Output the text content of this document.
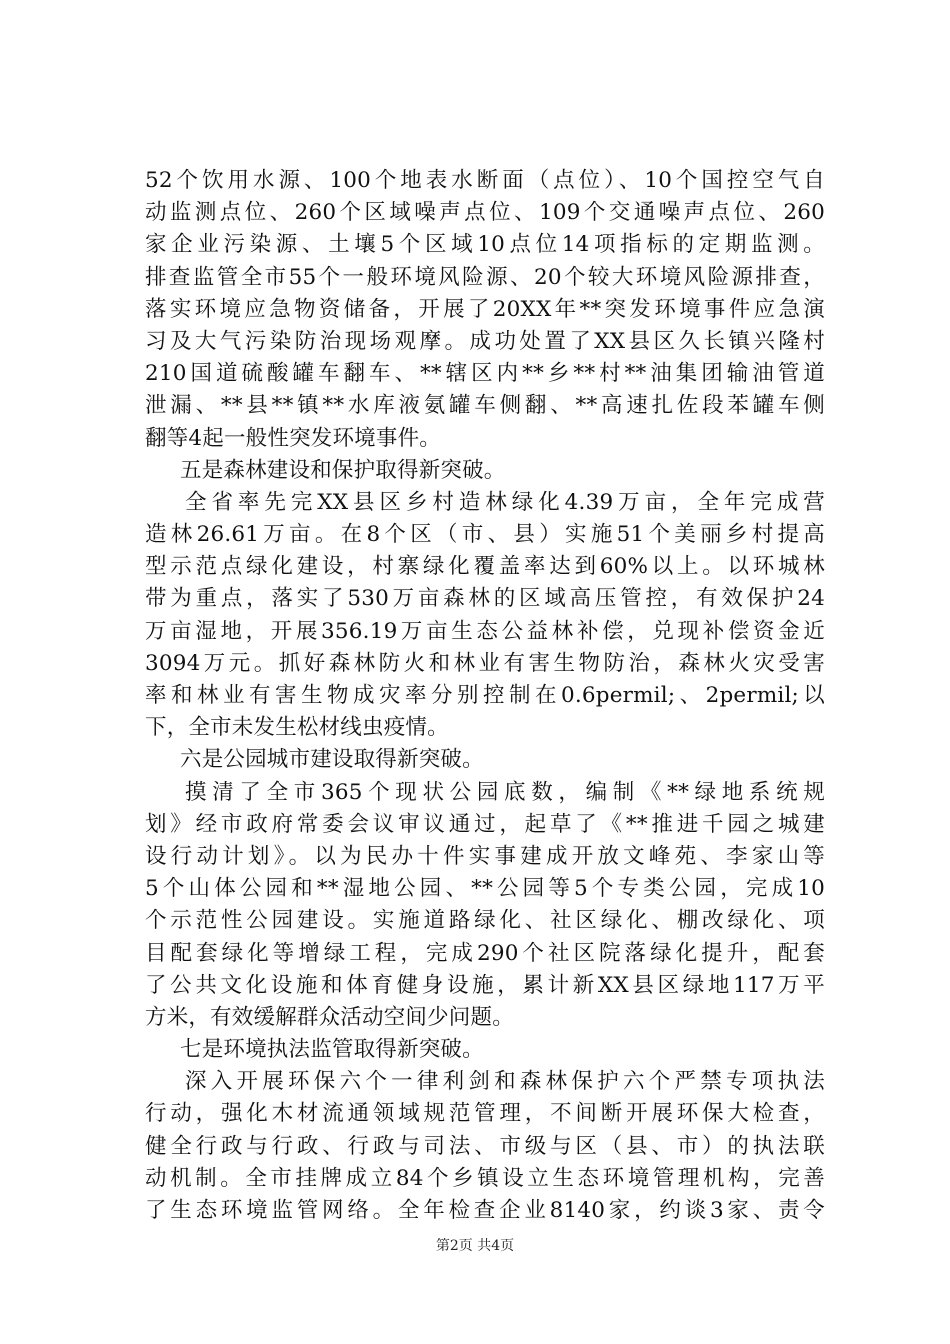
52个饮用水源、100个地表水断面（点位）、10个国控空气自
动监测点位、260个区域噪声点位、109个交通噪声点位、260
家企业污染源、土壤5个区域10点位14项指标的定期监测。
排查监管全市55个一般环境风险源、20个较大环境风险源排查，
落实环境应急物资储备，开展了20XX年**突发环境事件应急演
习及大气污染防治现场观摩。成功处置了XX县区久长镇兴隆村
210国道硫酸罐车翻车、**辖区内**乡**村**油集团输油管道
泄漏、**县**镇**水库液氨罐车侧翻、**高速扎佐段苯罐车侧
翻等4起一般性突发环境事件。
五是森林建设和保护取得新突破。
全省率先完XX县区乡村造林绿化4.39万亩，全年完成营
造林26.61万亩。在8个区（市、县）实施51个美丽乡村提高
型示范点绿化建设，村寨绿化覆盖率达到60%以上。以环城林
带为重点，落实了530万亩森林的区域高压管控，有效保护24
万亩湿地，开展356.19万亩生态公益林补偿，兑现补偿资金近
3094万元。抓好森林防火和林业有害生物防治，森林火灾受害
率和林业有害生物成灾率分别控制在0.6permil;、2permil;以
下，全市未发生松材线虫疫情。
六是公园城市建设取得新突破。
摸清了全市365个现状公园底数，编制《**绿地系统规
划》经市政府常委会议审议通过，起草了《**推进千园之城建
设行动计划》。以为民办十件实事建成开放文峰苑、李家山等
5个山体公园和**湿地公园、**公园等5个专类公园，完成10
个示范性公园建设。实施道路绿化、社区绿化、棚改绿化、项
目配套绿化等增绿工程，完成290个社区院落绿化提升，配套
了公共文化设施和体育健身设施，累计新XX县区绿地117万平
方米，有效缓解群众活动空间少问题。
七是环境执法监管取得新突破。
深入开展环保六个一律利剑和森林保护六个严禁专项执法
行动，强化木材流通领域规范管理，不间断开展环保大检查，
健全行政与行政、行政与司法、市级与区（县、市）的执法联
动机制。全市挂牌成立84个乡镇设立生态环境管理机构，完善
了生态环境监管网络。全年检查企业8140家，约谈3家、责令
第2页 共4页
